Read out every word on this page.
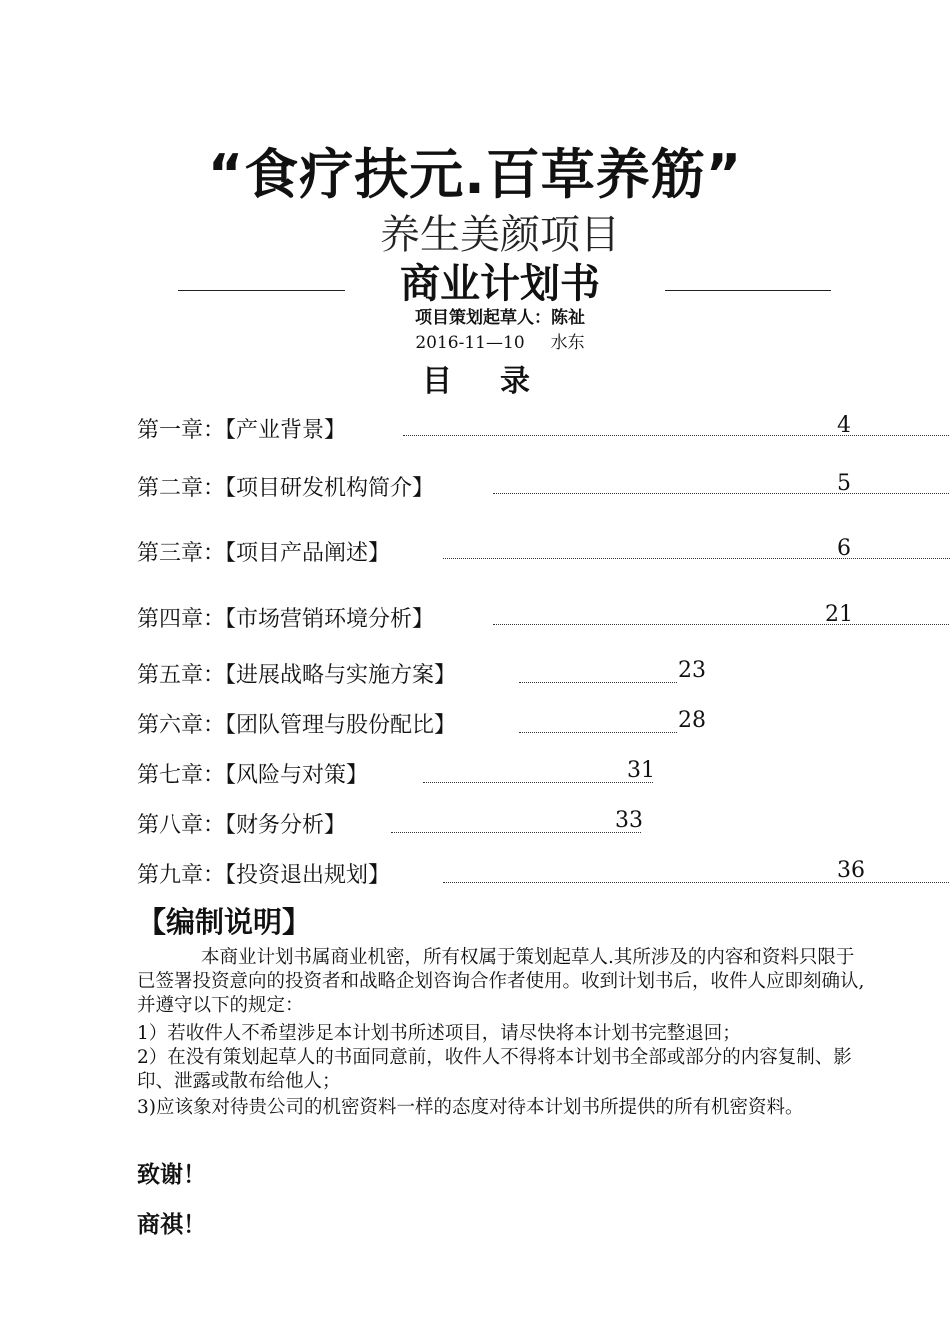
“食疗扶元.百草养筋”
养生美颜项目
商业计划书
项目策划起草人：陈祉
2016-11—10 水东
目录
第一章：【产业背景】	4
第二章：【项目研发机构简介】	5
第三章：【项目产品阐述】	6
第四章：【市场营销环境分析】	21
第五章：【进展战略与实施方案】	23
第六章：【团队管理与股份配比】	28
第七章：【风险与对策】	31
第八章：【财务分析】	33
第九章：【投资退出规划】	36
【编制说明】
本商业计划书属商业机密，所有权属于策划起草人.其所涉及的内容和资料只限于已签署投资意向的投资者和战略企划咨询合作者使用。收到计划书后，收件人应即刻确认,并遵守以下的规定：
1）若收件人不希望涉足本计划书所述项目，请尽快将本计划书完整退回；
2）在没有策划起草人的书面同意前，收件人不得将本计划书全部或部分的内容复制、影印、泄露或散布给他人；
3)应该象对待贵公司的机密资料一样的态度对待本计划书所提供的所有机密资料。
致谢！
商祺！
